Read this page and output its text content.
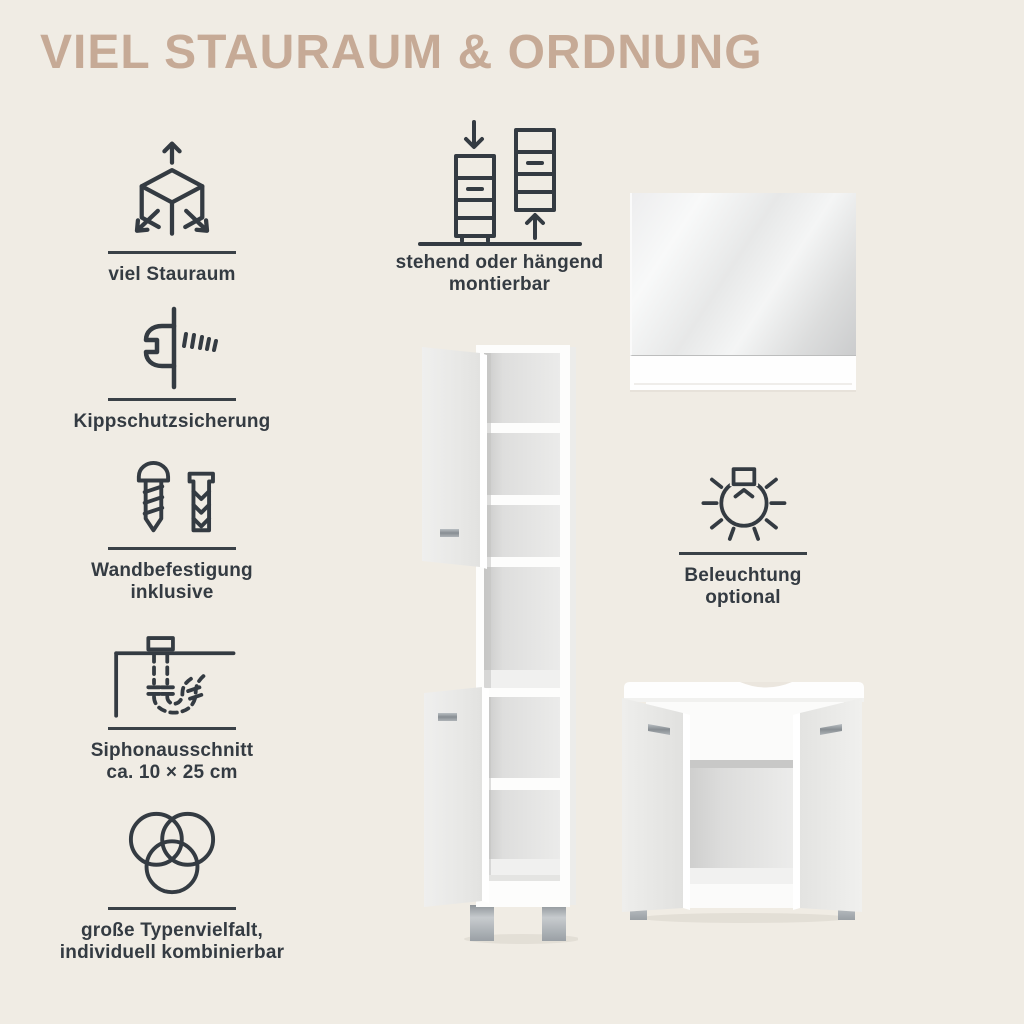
VIEL STAURAUM & ORDNUNG
viel Stauraum
Kippschutzsicherung
Wandbefestigung
inklusive
Siphonausschnitt
ca. 10 × 25 cm
große Typenvielfalt,
individuell kombinierbar
stehend oder hängend
montierbar
Beleuchtung
optional
